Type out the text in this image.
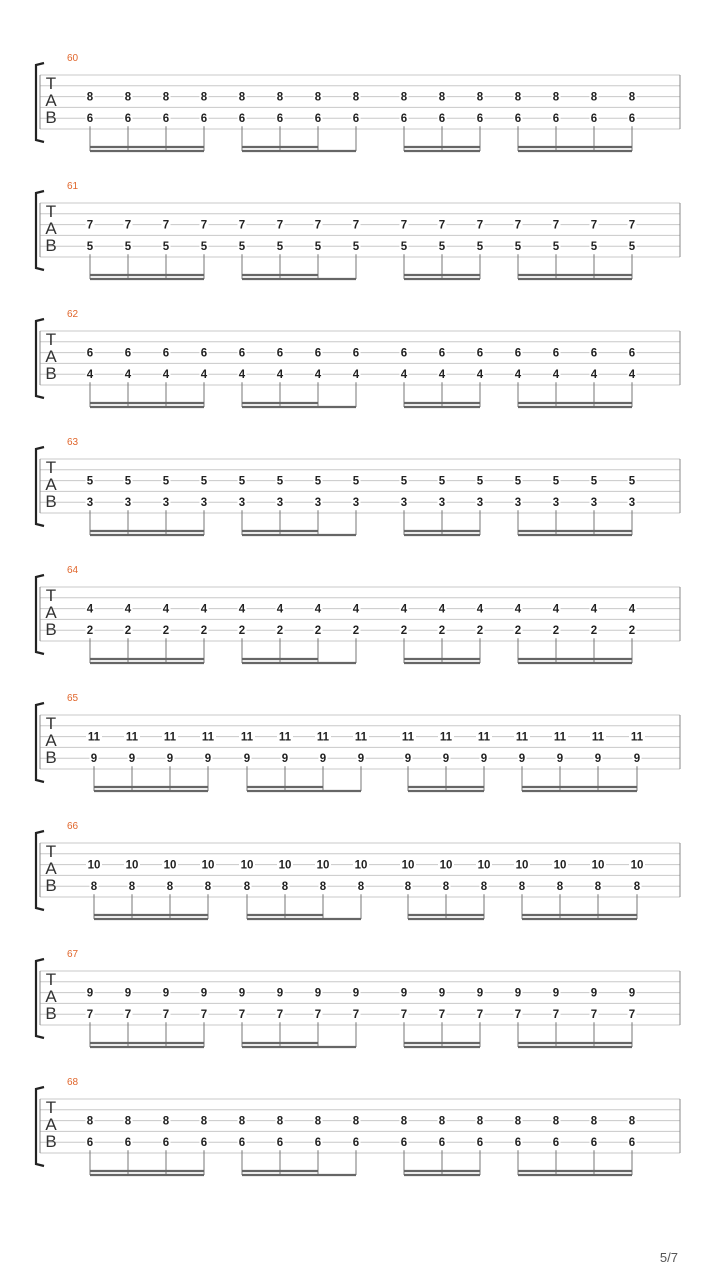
60
T
A
B
8	8	8	8	8	8	8	8	8	8	8	8	8	8	8
6	6	6	6	6	6	6	6	6	6	6	6	6	6	6
61
T
A
B
7	7	7	7	7	7	7	7	7	7	7	7	7	7	7
5	5	5	5	5	5	5	5	5	5	5	5	5	5	5
62
T
A
B
6	6	6	6	6	6	6	6	6	6	6	6	6	6	6
4	4	4	4	4	4	4	4	4	4	4	4	4	4	4
63
T
A
B
5	5	5	5	5	5	5	5	5	5	5	5	5	5	5
3	3	3	3	3	3	3	3	3	3	3	3	3	3	3
64
T
A
B
4	4	4	4	4	4	4	4	4	4	4	4	4	4	4
2	2	2	2	2	2	2	2	2	2	2	2	2	2	2
65
T
A
B
11 11 11 11 11 11 11 11	11 11 11 11 11 11 11
9	9	9	9	9	9	9	9	9	9	9	9	9	9	9
66
T
A
B
10 10 10 10 10 10 10 10	10 10 10 10 10 10 10
8	8	8	8	8	8	8	8	8	8	8	8	8	8	8
67
T
A
B
9	9	9	9	9	9	9	9	9	9	9	9	9	9	9
7	7	7	7	7	7	7	7	7	7	7	7	7	7	7
68
T
A
B
8	8	8	8	8	8	8	8	8	8	8	8	8	8	8
6	6	6	6	6	6	6	6	6	6	6	6	6	6	6
5/7
